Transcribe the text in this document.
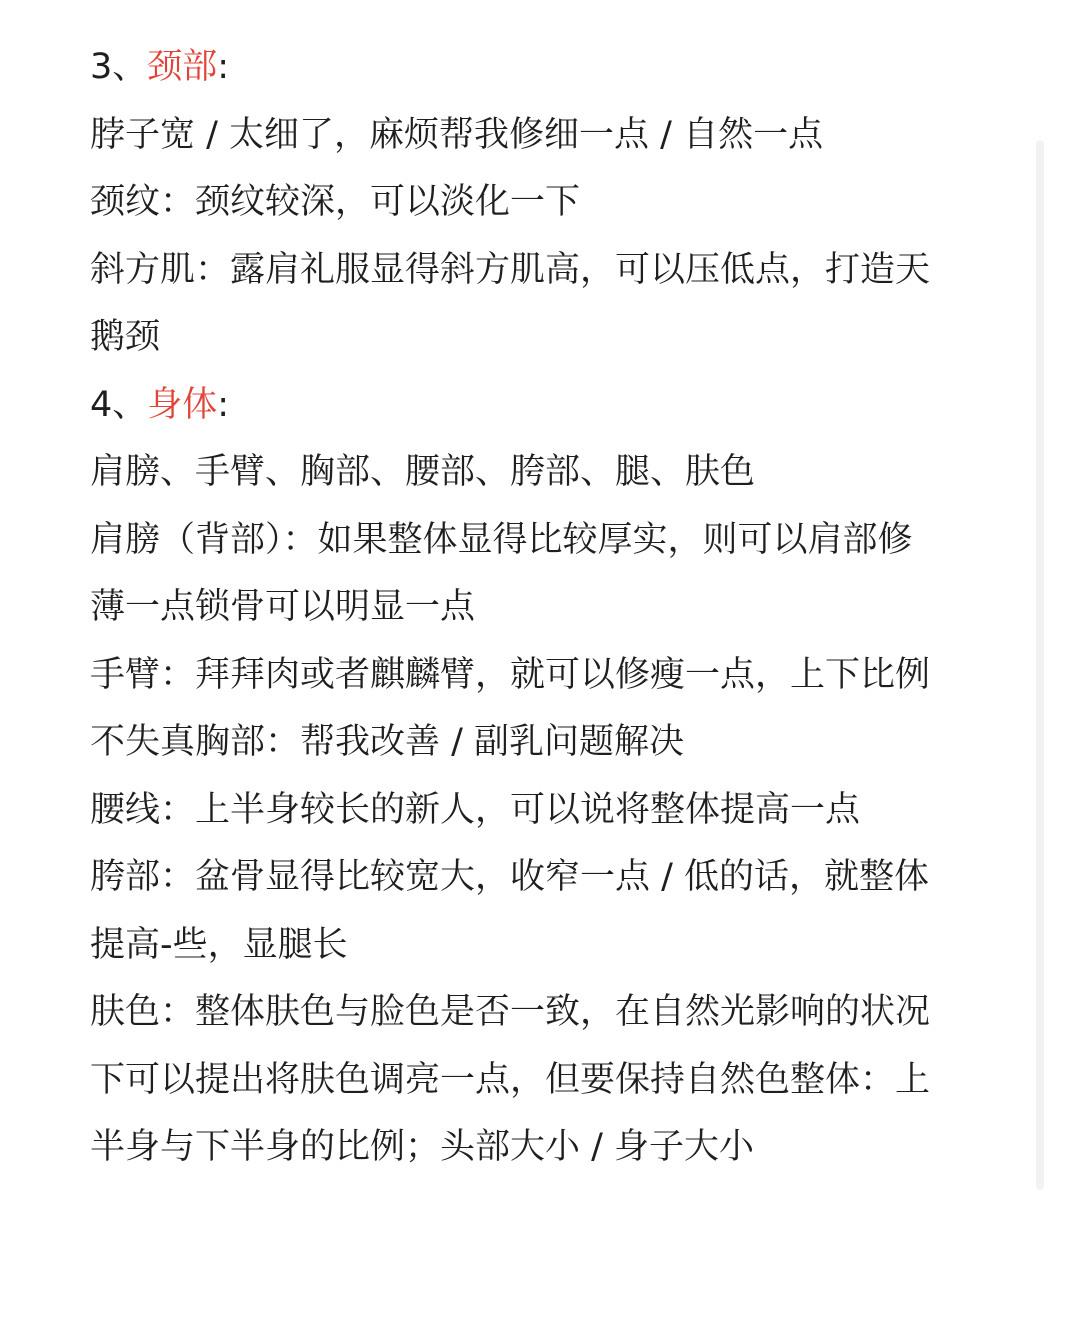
3、颈部:
脖子宽 / 太细了，麻烦帮我修细一点 / 自然一点
颈纹：颈纹较深，可以淡化一下
斜方肌：露肩礼服显得斜方肌高，可以压低点，打造天
鹅颈
4、身体:
肩膀、手臂、胸部、腰部、胯部、腿、肤色
肩膀（背部）：如果整体显得比较厚实，则可以肩部修
薄一点锁骨可以明显一点
手臂：拜拜肉或者麒麟臂，就可以修瘦一点，上下比例
不失真胸部：帮我改善 / 副乳问题解决
腰线：上半身较长的新人，可以说将整体提高一点
胯部：盆骨显得比较宽大，收窄一点 / 低的话，就整体
提高-些，显腿长
肤色：整体肤色与脸色是否一致，在自然光影响的状况
下可以提出将肤色调亮一点，但要保持自然色整体：上
半身与下半身的比例；头部大小 / 身子大小
